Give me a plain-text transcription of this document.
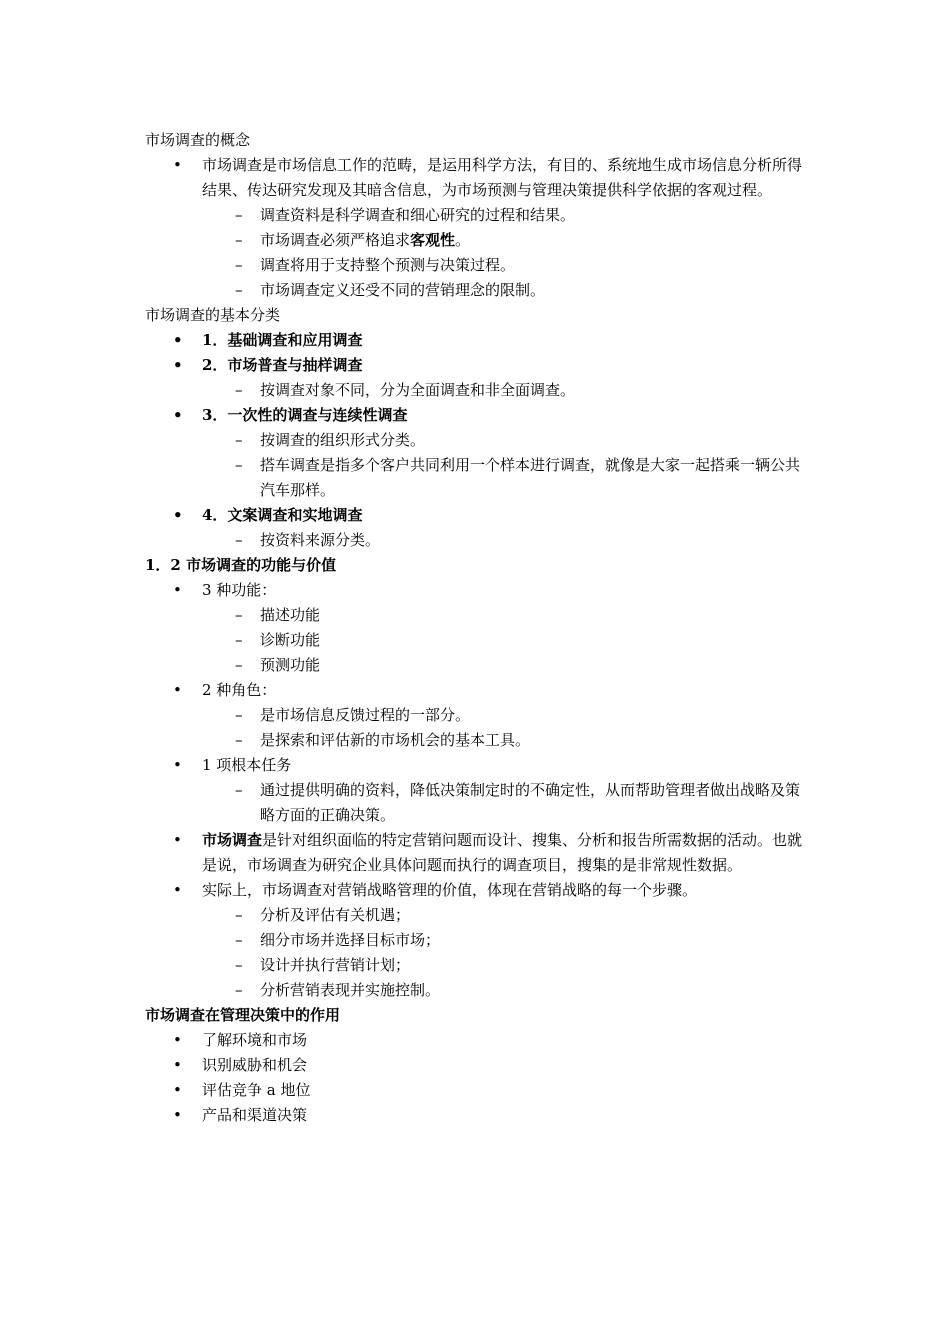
市场调查的概念
• 市场调查是市场信息工作的范畴，是运用科学方法，有目的、系统地生成市场信息分析所得结果、传达研究发现及其暗含信息，为市场预测与管理决策提供科学依据的客观过程。
– 调查资料是科学调查和细心研究的过程和结果。
– 市场调查必须严格追求客观性。
– 调查将用于支持整个预测与决策过程。
– 市场调查定义还受不同的营销理念的限制。
市场调查的基本分类
• 1．基础调查和应用调查
• 2．市场普查与抽样调查
– 按调查对象不同，分为全面调查和非全面调查。
• 3．一次性的调查与连续性调查
– 按调查的组织形式分类。
– 搭车调查是指多个客户共同利用一个样本进行调查，就像是大家一起搭乘一辆公共汽车那样。
• 4．文案调查和实地调查
– 按资料来源分类。
1．2 市场调查的功能与价值
• 3 种功能：
– 描述功能
– 诊断功能
– 预测功能
• 2 种角色：
– 是市场信息反馈过程的一部分。
– 是探索和评估新的市场机会的基本工具。
• 1 项根本任务
– 通过提供明确的资料，降低决策制定时的不确定性，从而帮助管理者做出战略及策略方面的正确决策。
• 市场调查是针对组织面临的特定营销问题而设计、搜集、分析和报告所需数据的活动。也就是说，市场调查为研究企业具体问题而执行的调查项目，搜集的是非常规性数据。
• 实际上，市场调查对营销战略管理的价值，体现在营销战略的每一个步骤。
– 分析及评估有关机遇；
– 细分市场并选择目标市场；
– 设计并执行营销计划；
– 分析营销表现并实施控制。
市场调查在管理决策中的作用
• 了解环境和市场
• 识别威胁和机会
• 评估竞争 a 地位
• 产品和渠道决策
